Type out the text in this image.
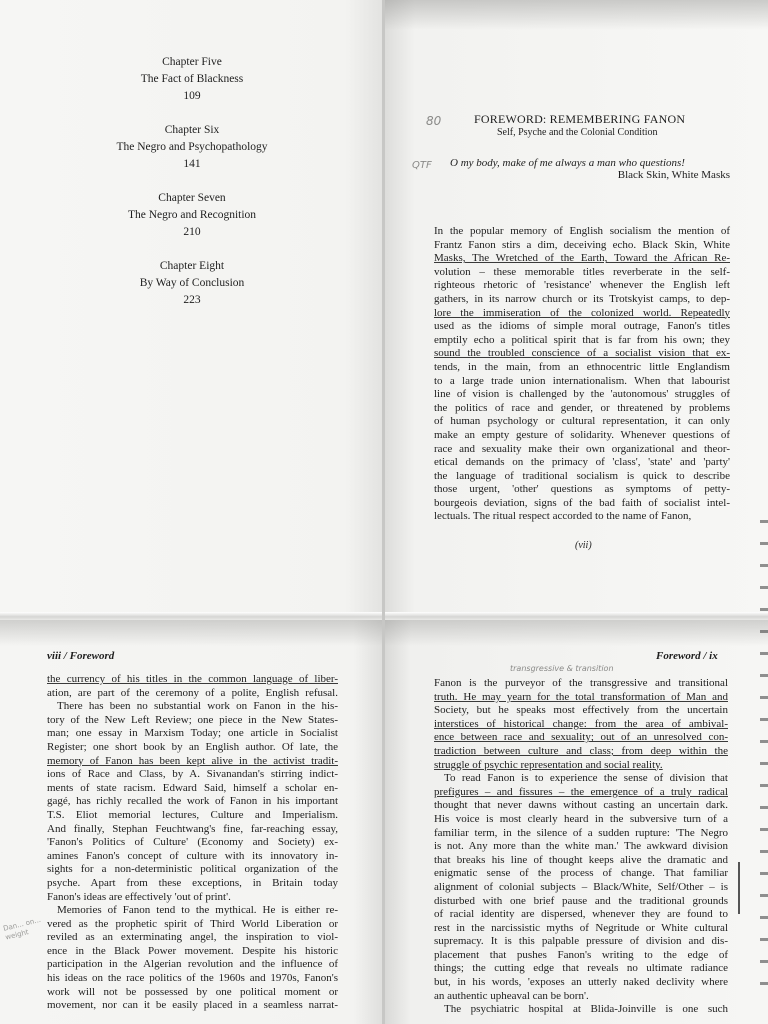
Chapter Five
The Fact of Blackness
109
Chapter Six
The Negro and Psychopathology
141
Chapter Seven
The Negro and Recognition
210
Chapter Eight
By Way of Conclusion
223
80	FOREWORD: REMEMBERING FANON
Self, Psyche and the Colonial Condition
QTF	O my body, make of me always a man who questions!
Black Skin, White Masks
In the popular memory of English socialism the mention of
Frantz Fanon stirs a dim, deceiving echo. Black Skin, White
Masks, The Wretched of the Earth, Toward the African Re-
volution – these memorable titles reverberate in the self-
righteous rhetoric of 'resistance' whenever the English left
gathers, in its narrow church or its Trotskyist camps, to dep-
lore the immiseration of the colonized world. Repeatedly
used as the idioms of simple moral outrage, Fanon's titles
emptily echo a political spirit that is far from his own; they
sound the troubled conscience of a socialist vision that ex-
tends, in the main, from an ethnocentric little Englandism
to a large trade union internationalism. When that labourist
line of vision is challenged by the 'autonomous' struggles of
the politics of race and gender, or threatened by problems
of human psychology or cultural representation, it can only
make an empty gesture of solidarity. Whenever questions of
race and sexuality make their own organizational and theor-
etical demands on the primacy of 'class', 'state' and 'party'
the language of traditional socialism is quick to describe
those urgent, 'other' questions as symptoms of petty-
bourgeois deviation, signs of the bad faith of socialist intel-
lectuals. The ritual respect accorded to the name of Fanon,
(vii)
viii / Foreword
the currency of his titles in the common language of liber-
ation, are part of the ceremony of a polite, English refusal.
There has been no substantial work on Fanon in the his-
tory of the New Left Review; one piece in the New States-
man; one essay in Marxism Today; one article in Socialist
Register; one short book by an English author. Of late, the
memory of Fanon has been kept alive in the activist tradit-
ions of Race and Class, by A. Sivanandan's stirring indict-
ments of state racism. Edward Said, himself a scholar en-
gagé, has richly recalled the work of Fanon in his important
T.S. Eliot memorial lectures, Culture and Imperialism.
And finally, Stephan Feuchtwang's fine, far-reaching essay,
'Fanon's Politics of Culture' (Economy and Society) ex-
amines Fanon's concept of culture with its innovatory in-
sights for a non-deterministic political organization of the
psyche. Apart from these exceptions, in Britain today
Fanon's ideas are effectively 'out of print'.
Memories of Fanon tend to the mythical. He is either re-
vered as the prophetic spirit of Third World Liberation or
reviled as an exterminating angel, the inspiration to viol-
ence in the Black Power movement. Despite his historic
participation in the Algerian revolution and the influence of
his ideas on the race politics of the 1960s and 1970s, Fanon's
work will not be possessed by one political moment or
movement, nor can it be easily placed in a seamless narrat-
Dan... on... weight
Foreword / ix
transgressive & transition
Fanon is the purveyor of the transgressive and transitional
truth. He may yearn for the total transformation of Man and
Society, but he speaks most effectively from the uncertain
interstices of historical change: from the area of ambival-
ence between race and sexuality; out of an unresolved con-
tradiction between culture and class; from deep within the
struggle of psychic representation and social reality.
To read Fanon is to experience the sense of division that
prefigures – and fissures – the emergence of a truly radical
thought that never dawns without casting an uncertain dark.
His voice is most clearly heard in the subversive turn of a
familiar term, in the silence of a sudden rupture: 'The Negro
is not. Any more than the white man.' The awkward division
that breaks his line of thought keeps alive the dramatic and
enigmatic sense of the process of change. That familiar
alignment of colonial subjects – Black/White, Self/Other – is
disturbed with one brief pause and the traditional grounds
of racial identity are dispersed, whenever they are found to
rest in the narcissistic myths of Negritude or White cultural
supremacy. It is this palpable pressure of division and dis-
placement that pushes Fanon's writing to the edge of
things; the cutting edge that reveals no ultimate radiance
but, in his words, 'exposes an utterly naked declivity where
an authentic upheaval can be born'.
The psychiatric hospital at Blida-Joinville is one such
